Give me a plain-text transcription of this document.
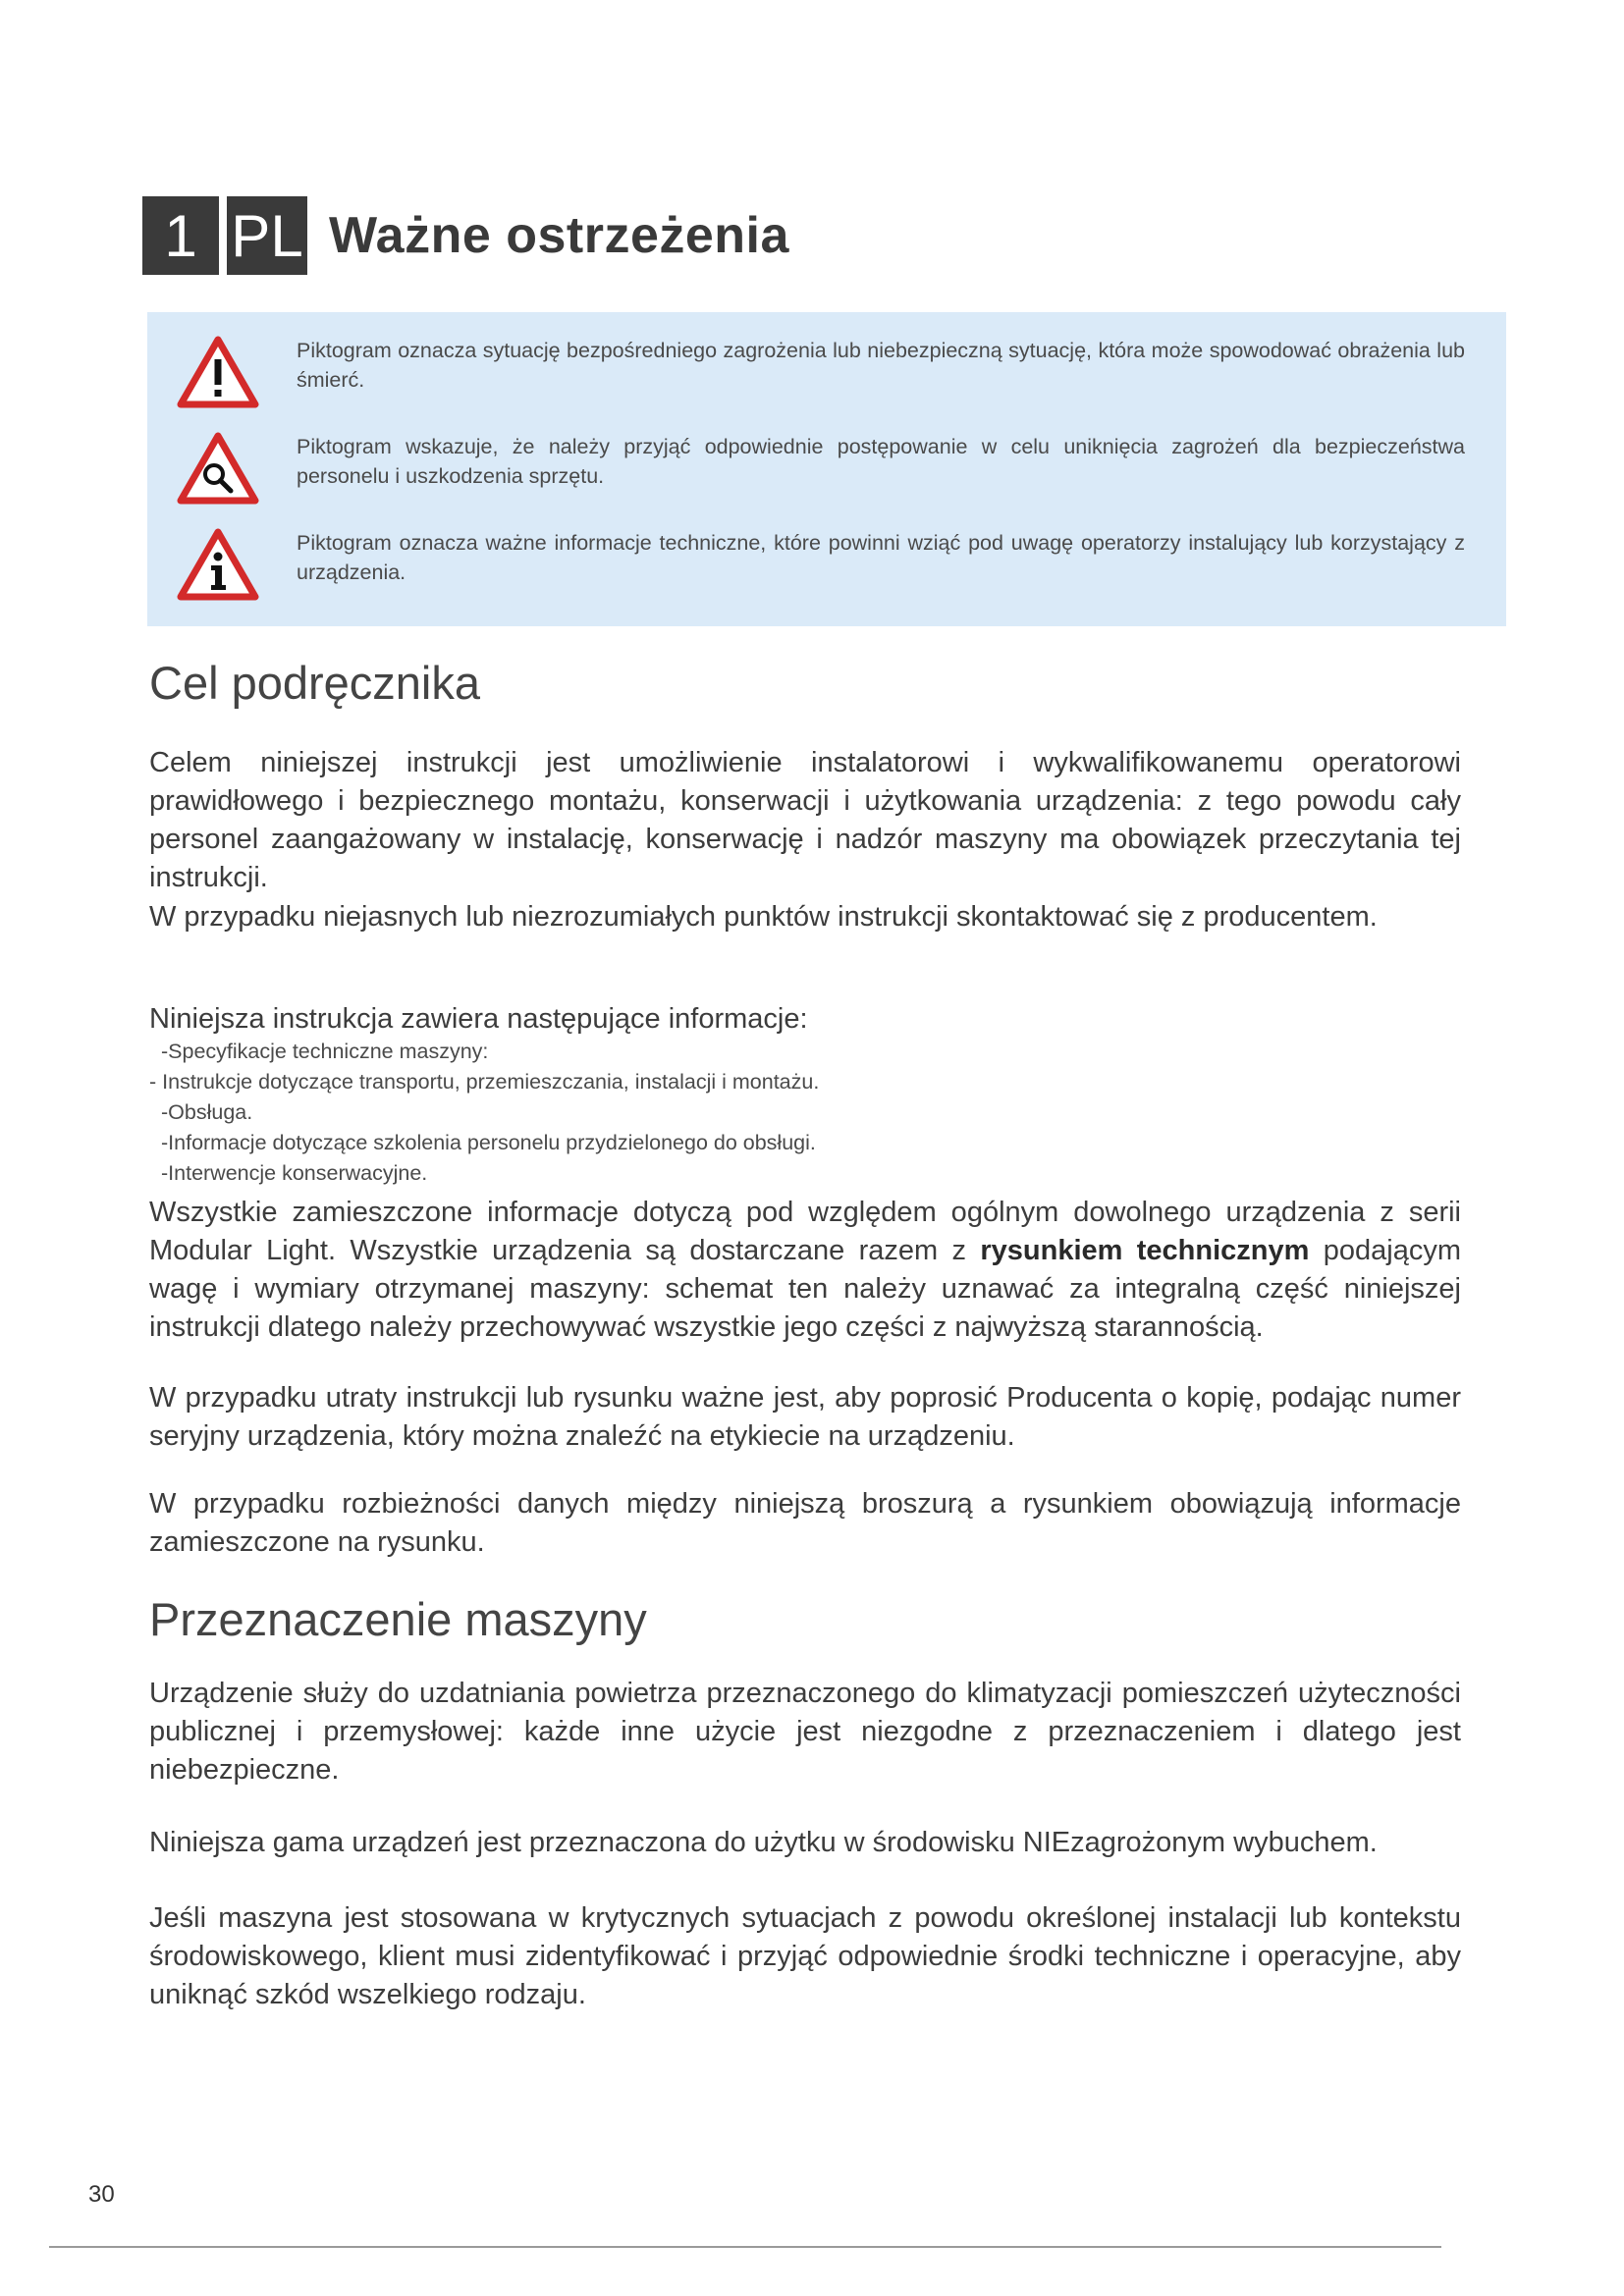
1 PL Ważne ostrzeżenia
Piktogram oznacza sytuację bezpośredniego zagrożenia lub niebezpieczną sytuację, która może spowodować obrażenia lub śmierć.
Piktogram wskazuje, że należy przyjąć odpowiednie postępowanie w celu uniknięcia zagrożeń dla bezpieczeństwa personelu i uszkodzenia sprzętu.
Piktogram oznacza ważne informacje techniczne, które powinni wziąć pod uwagę operatorzy instalujący lub korzystający z urządzenia.
Cel podręcznika

Celem niniejszej instrukcji jest umożliwienie instalatorowi i wykwalifikowanemu operatorowi prawidłowego i bezpiecznego montażu, konserwacji i użytkowania urządzenia: z tego powodu cały personel zaangażowany w instalację, konserwację i nadzór maszyny ma obowiązek przeczytania tej instrukcji.

W przypadku niejasnych lub niezrozumiałych punktów instrukcji skontaktować się z producentem.

Niniejsza instrukcja zawiera następujące informacje:
-Specyfikacje techniczne maszyny:
- Instrukcje dotyczące transportu, przemieszczania, instalacji i montażu.
-Obsługa.
-Informacje dotyczące szkolenia personelu przydzielonego do obsługi.
-Interwencje konserwacyjne.

Wszystkie zamieszczone informacje dotyczą pod względem ogólnym dowolnego urządzenia z serii Modular Light. Wszystkie urządzenia są dostarczane razem z rysunkiem technicznym podającym wagę i wymiary otrzymanej maszyny: schemat ten należy uznawać za integralną część niniejszej instrukcji dlatego należy przechowywać wszystkie jego części z najwyższą starannością.

W przypadku utraty instrukcji lub rysunku ważne jest, aby poprosić Producenta o kopię, podając numer seryjny urządzenia, który można znaleźć na etykiecie na urządzeniu.

W przypadku rozbieżności danych między niniejszą broszurą a rysunkiem obowiązują informacje zamieszczone na rysunku.

Przeznaczenie maszyny

Urządzenie służy do uzdatniania powietrza przeznaczonego do klimatyzacji pomieszczeń użyteczności publicznej i przemysłowej: każde inne użycie jest niezgodne z przeznaczeniem i dlatego jest niebezpieczne.

Niniejsza gama urządzeń jest przeznaczona do użytku w środowisku NIEzagrożonym wybuchem.

Jeśli maszyna jest stosowana w krytycznych sytuacjach z powodu określonej instalacji lub kontekstu środowiskowego, klient musi zidentyfikować i przyjąć odpowiednie środki techniczne i operacyjne, aby uniknąć szkód wszelkiego rodzaju.

30
